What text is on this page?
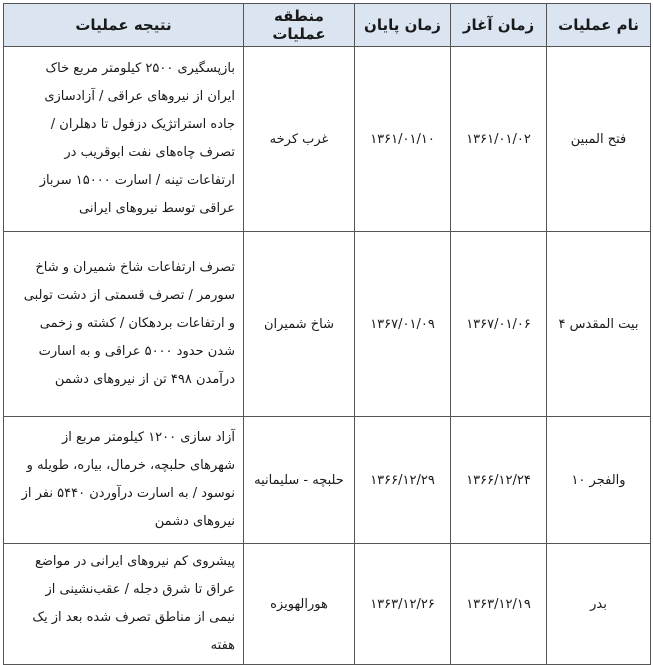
نام عملیات	زمان آغاز	زمان پایان	منطقه عملیات	نتیجه عملیات
فتح المبین	۱۳۶۱/۰۱/۰۲	۱۳۶۱/۰۱/۱۰	غرب کرخه	بازپسگیری ۲۵۰۰ کیلومتر مربع خاک ایران از نیروهای عراقی / آزادسازی جاده استراتژیک دزفول تا دهلران / تصرف چاه‌های نفت ابوقریب در ارتفاعات تینه / اسارت ۱۵۰۰۰ سرباز عراقی توسط نیروهای ایرانی
بیت المقدس ۴	۱۳۶۷/۰۱/۰۶	۱۳۶۷/۰۱/۰۹	شاخ شمیران	تصرف ارتفاعات شاخ شمیران و شاخ سورمر / تصرف قسمتی از دشت تولبی و ارتفاعات بردهکان / کشته و زخمی شدن حدود ۵۰۰۰ عراقی و به اسارت درآمدن ۴۹۸ تن از نیروهای دشمن
والفجر ۱۰	۱۳۶۶/۱۲/۲۴	۱۳۶۶/۱۲/۲۹	حلبچه - سلیمانیه	آزاد سازی ۱۲۰۰ کیلومتر مربع از شهرهای حلبچه، خرمال، بیاره، طویله و نوسود / به اسارت درآوردن ۵۴۴۰ نفر از نیروهای دشمن
بدر	۱۳۶۳/۱۲/۱۹	۱۳۶۳/۱۲/۲۶	هورالهویزه	پیشروی کم نیروهای ایرانی در مواضع عراق تا شرق دجله / عقب‌نشینی از نیمی از مناطق تصرف شده بعد از یک هفته
